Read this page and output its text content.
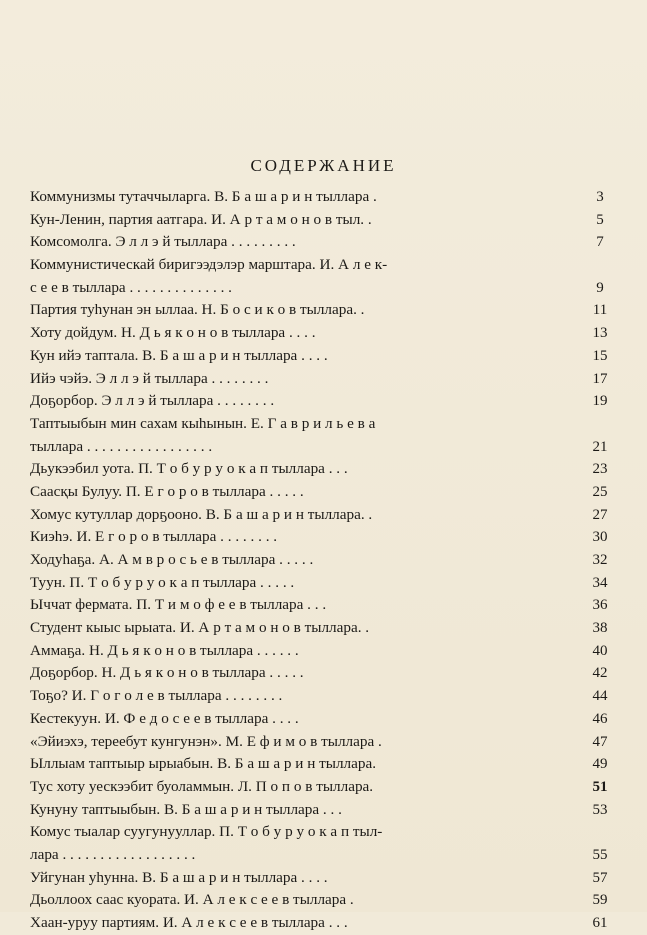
СОДЕРЖАНИЕ
Коммунизмы тутаччыларга. В. Б а ш а р и н тыллара .	3
Кун-Ленин, партия аатгара. И. А р т а м о н о в тыл. .	5
Комсомолга. Э л л э й тыллара . . . . . . . . .	7
Коммунистическай биригээдэлэр марштара. И. А л е к-
с е е в тыллара . . . . . . . . . . . . . .	9
Партия туhунан эн ыллаа. Н. Б о с и к о в тыллара. .	11
Хоту дойдум. Н. Д ь я к о н о в тыллара . . . .	13
Кун ийэ таптала. В. Б а ш а р и н тыллара . . . .	15
Ийэ чэйэ. Э л л э й тыллара . . . . . . . .	17
Доҕорбор. Э л л э й тыллара . . . . . . . .	19
Таптыыбын мин сахам кыhынын. Е. Г а в р и л ь е в а
тыллара . . . . . . . . . . . . . . . . .	21
Дьукээбил уота. П. Т о б у р у о к а п тыллара . . .	23
Саасқы Булуу. П. Е г о р о в тыллара . . . . .	25
Хомус кутуллар дорҕооно. В. Б а ш а р и н тыллара. .	27
Киэhэ. И. Е г о р о в тыллара . . . . . . . .	30
Ходуhаҕа. А. А м в р о с ь е в тыллара . . . . .	32
Туун. П. Т о б у р у о к а п тыллара . . . . .	34
Ыччат фермата. П. Т и м о ф е е в тыллара . . .	36
Студент кыыс ырыата. И. А р т а м о н о в тыллара. .	38
Аммаҕа. Н. Д ь я к о н о в тыллара . . . . . .	40
Доҕорбор. Н. Д ь я к о н о в тыллара . . . . .	42
Тоҕо? И. Г о г о л е в тыллара . . . . . . . .	44
Кестекуун. И. Ф е д о с е е в тыллара . . . .	46
«Эйиэхэ, тереебут кунгунэн». М. Е ф и м о в тыллара .	47
Ыллыам таптыыр ырыабын. В. Б а ш а р и н тыллара.	49
Тус хоту уескээбит буоламмын. Л. П о п о в тыллара.	51
Кунуну таптыыбын. В. Б а ш а р и н тыллара . . .	53
Комус тыалар суугунууллар. П. Т о б у р у о к а п тыл-
лара . . . . . . . . . . . . . . . . . .	55
Уйгунан уhунна. В. Б а ш а р и н тыллара . . . .	57
Дьоллоох саас куората. И. А л е к с е е в тыллара .	59
Хаан-уруу партиям. И. А л е к с е е в тыллара . . .	61
